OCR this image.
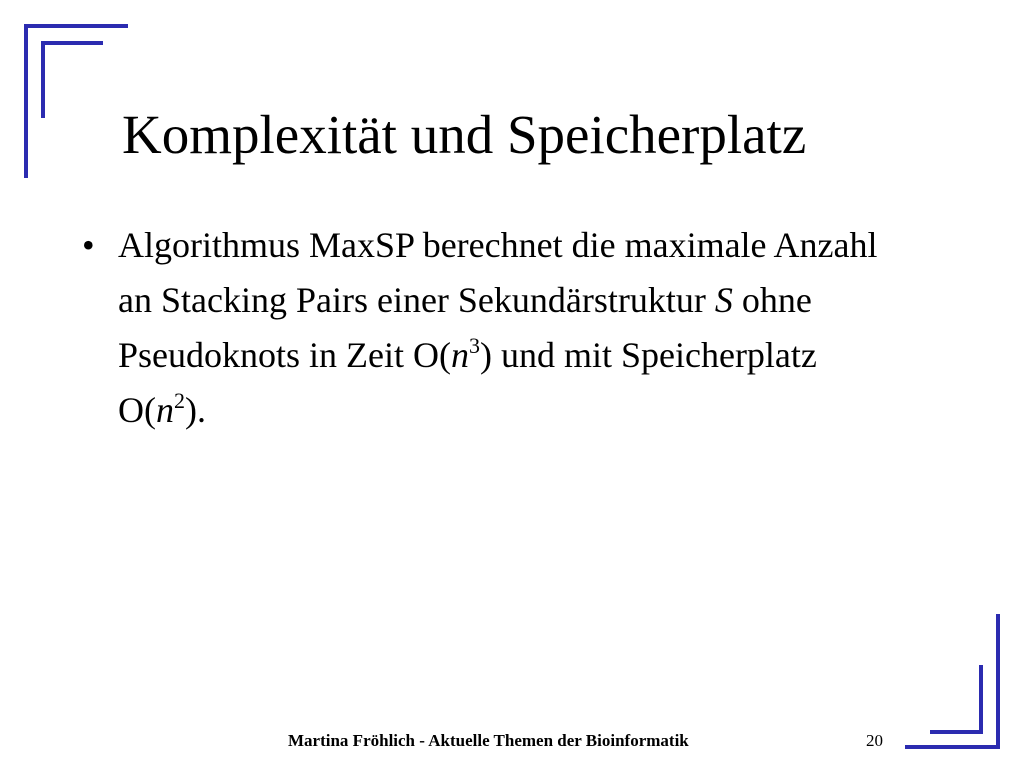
Komplexität und Speicherplatz
• Algorithmus MaxSP berechnet die maximale Anzahl an Stacking Pairs einer Sekundärstruktur S ohne Pseudoknots in Zeit $O(n^3)$ und mit Speicherplatz $O(n^2)$.
Martina Fröhlich - Aktuelle Themen der Bioinformatik	20
